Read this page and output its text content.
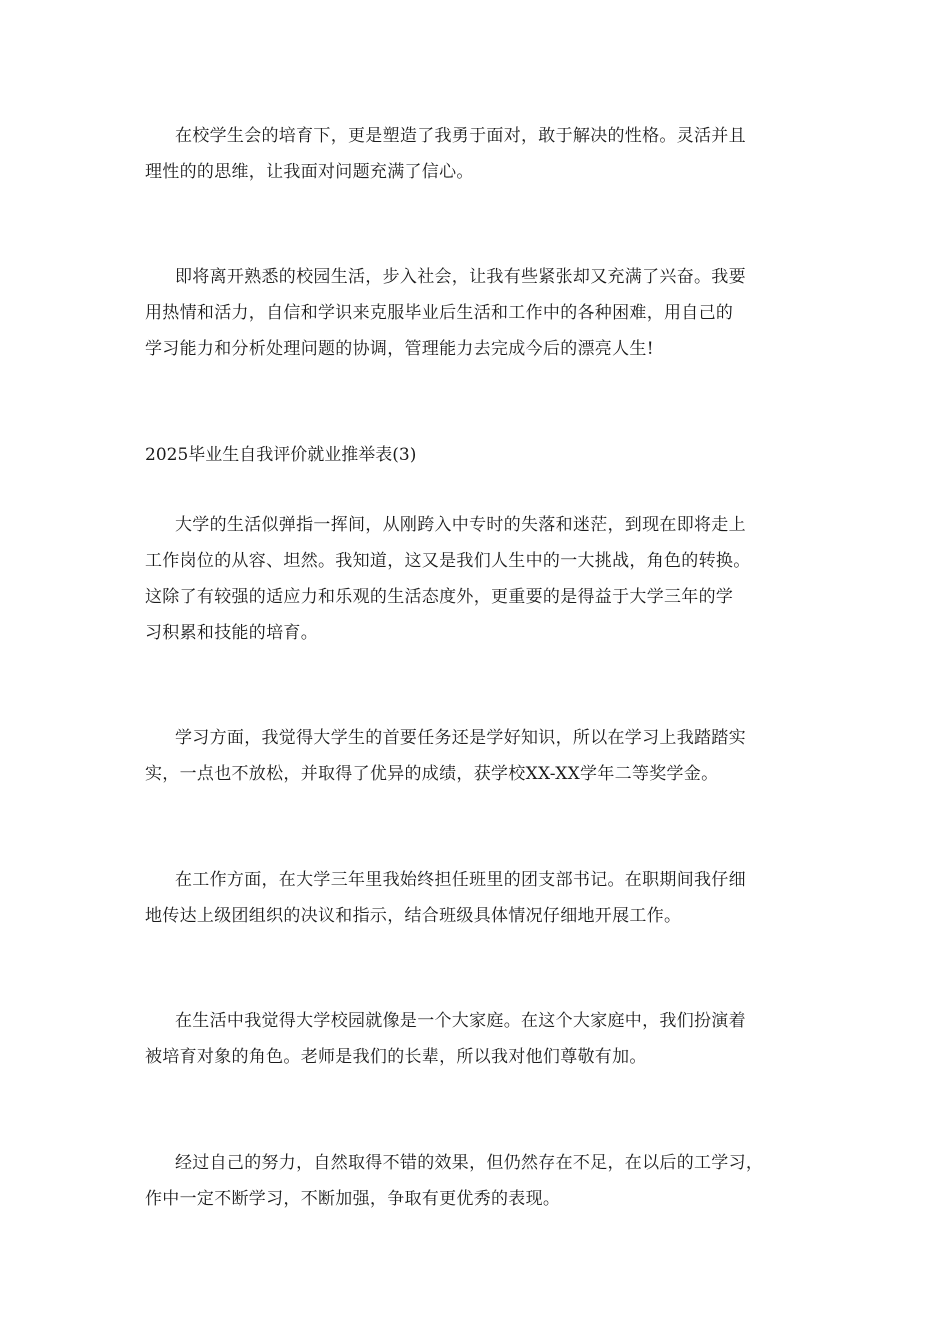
在校学生会的培育下，更是塑造了我勇于面对，敢于解决的性格。灵活并且
理性的的思维，让我面对问题充满了信心。

即将离开熟悉的校园生活，步入社会，让我有些紧张却又充满了兴奋。我要
用热情和活力，自信和学识来克服毕业后生活和工作中的各种困难，用自己的
学习能力和分析处理问题的协调，管理能力去完成今后的漂亮人生!

2025毕业生自我评价就业推举表(3)

大学的生活似弹指一挥间，从刚跨入中专时的失落和迷茫，到现在即将走上
工作岗位的从容、坦然。我知道，这又是我们人生中的一大挑战，角色的转换。
这除了有较强的适应力和乐观的生活态度外，更重要的是得益于大学三年的学
习积累和技能的培育。

学习方面，我觉得大学生的首要任务还是学好知识，所以在学习上我踏踏实
实，一点也不放松，并取得了优异的成绩，获学校XX-XX学年二等奖学金。

在工作方面，在大学三年里我始终担任班里的团支部书记。在职期间我仔细
地传达上级团组织的决议和指示，结合班级具体情况仔细地开展工作。

在生活中我觉得大学校园就像是一个大家庭。在这个大家庭中，我们扮演着
被培育对象的角色。老师是我们的长辈，所以我对他们尊敬有加。

经过自己的努力，自然取得不错的效果，但仍然存在不足，在以后的工学习，
作中一定不断学习，不断加强，争取有更优秀的表现。
